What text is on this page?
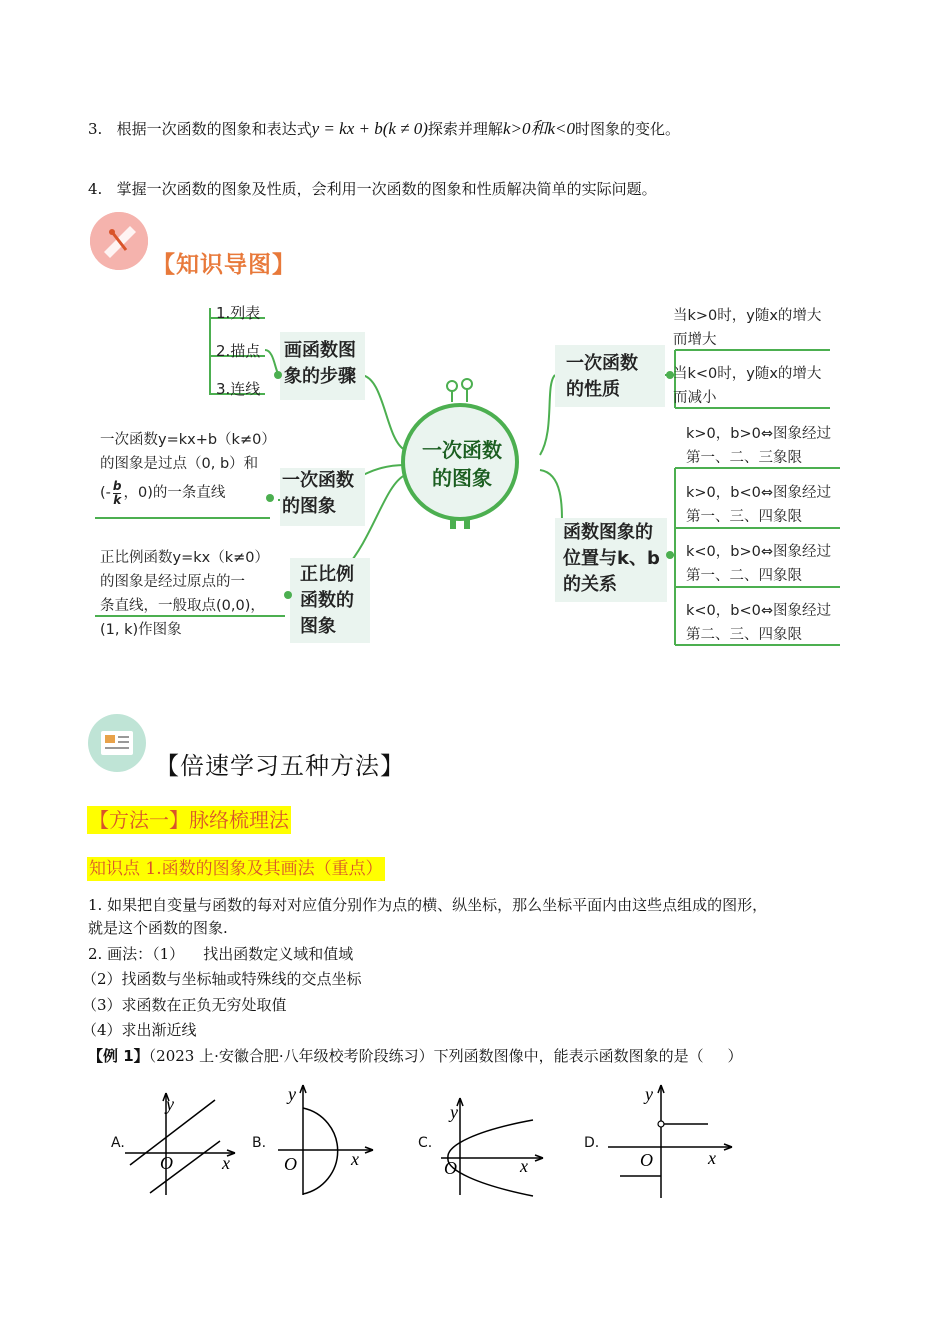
3. 根据一次函数的图象和表达式y = kx + b(k ≠ 0)探索并理解k>0和k<0时图象的变化。
4. 掌握一次函数的图象及性质，会利用一次函数的图象和性质解决简单的实际问题。
【知识导图】
一次函数
的图象
1.列表
2.描点
3.连线
画函数图
象的步骤
一次函数y=kx+b（k≠0）
的图象是过点（0, b）和
(- $\frac{b}{k}$ ，0)的一条直线
一次函数
的图象
正比例函数y=kx（k≠0）
的图象是经过原点的一
条直线，一般取点(0,0)，
(1, k)作图象
正比例
函数的
图象
一次函数
的性质
当k>0时，y随x的增大
而增大
当k<0时，y随x的增大
而减小
函数图象的
位置与k、b
的关系
k>0，b>0⇔图象经过
第一、二、三象限
k>0，b<0⇔图象经过
第一、三、四象限
k<0，b>0⇔图象经过
第一、二、四象限
k<0，b<0⇔图象经过
第二、三、四象限
【倍速学习五种方法】
【方法一】脉络梳理法
知识点 1.函数的图象及其画法（重点）
1. 如果把自变量与函数的每对对应值分别作为点的横、纵坐标，那么坐标平面内由这些点组成的图形，
就是这个函数的图象.
2. 画法：（1）    找出函数定义域和值域
（2）找函数与坐标轴或特殊线的交点坐标
（3）求函数在正负无穷处取值
（4）求出渐近线
【例 1】（2023 上·安徽合肥·八年级校考阶段练习）下列函数图像中，能表示函数图象的是（     ）
A.
y
O	x
B.
y
O	x
C.
y
O	x
D.
y
O	x
